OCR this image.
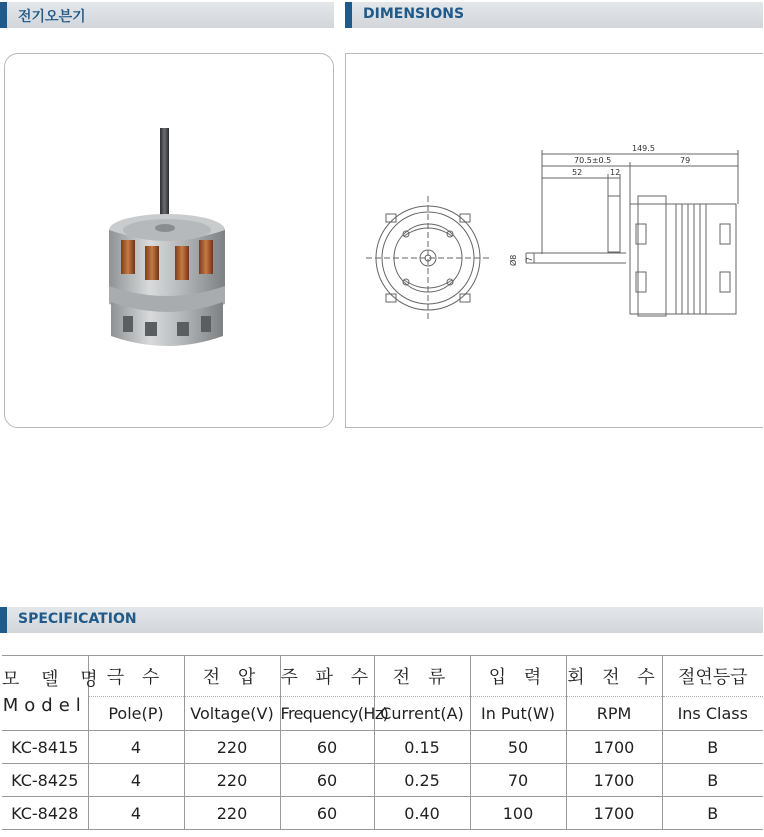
전기오븐기	DIMENSIONS
149.5
70.5±0.5
52	12
79
Ø8 7
SPECIFICATION
모 델 명
Model	극 수	전 압	주 파 수	전 류	입 력	회 전 수	절연등급
	Pole(P)	Voltage(V)	Frequency(Hz)	Current(A)	In Put(W)	RPM	Ins Class
KC-8415	4	220	60	0.15	50	1700	B
KC-8425	4	220	60	0.25	70	1700	B
KC-8428	4	220	60	0.40	100	1700	B
